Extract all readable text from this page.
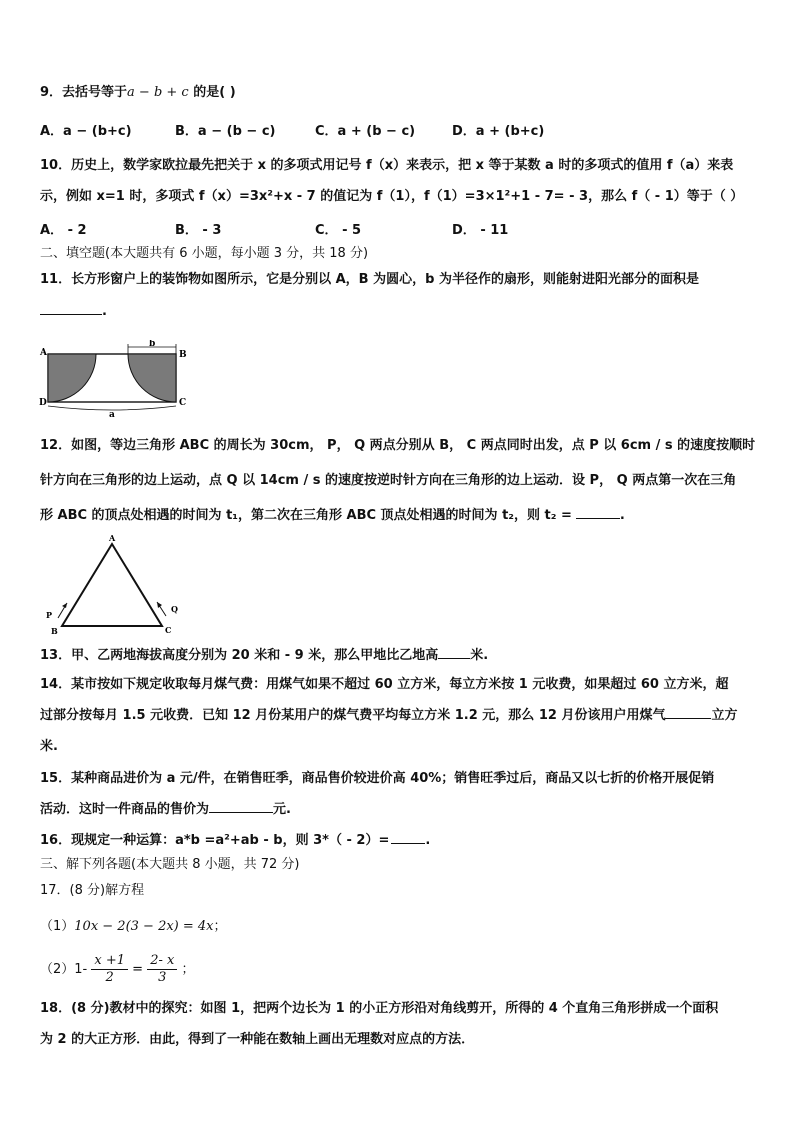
9．去括号等于a − b + c 的是( )
A．a − (b+c)	B．a − (b − c)	C．a + (b − c)	D．a + (b+c)
10．历史上，数学家欧拉最先把关于 x 的多项式用记号 f（x）来表示，把 x 等于某数 a 时的多项式的值用 f（a）来表
示，例如 x=1 时，多项式 f（x）=3x²+x - 7 的值记为 f（1），f（1）=3×1²+1 - 7= - 3，那么 f（ - 1）等于（ ）
A． - 2	B． - 3	C． - 5	D． - 11
二、填空题(本大题共有 6 小题，每小题 3 分，共 18 分)
11．长方形窗户上的装饰物如图所示，它是分别以 A，B 为圆心，b 为半径作的扇形，则能射进阳光部分的面积是
.
A	B
C
D
b
a
12．如图，等边三角形 ABC 的周长为 30cm， P， Q 两点分别从 B， C 两点同时出发，点 P 以 6cm / s 的速度按顺时
针方向在三角形的边上运动，点 Q 以 14cm / s 的速度按逆时针方向在三角形的边上运动．设 P， Q 两点第一次在三角
形 ABC 的顶点处相遇的时间为 t₁，第二次在三角形 ABC 顶点处相遇的时间为 t₂，则 t₂ =	.
A
B	C
P
Q
13．甲、乙两地海拔高度分别为 20 米和 - 9 米，那么甲地比乙地高 米.
14．某市按如下规定收取每月煤气费：用煤气如果不超过 60 立方米，每立方米按 1 元收费，如果超过 60 立方米，超
过部分按每月 1.5 元收费．已知 12 月份某用户的煤气费平均每立方米 1.2 元，那么 12 月份该用户用煤气	立方
米.
15．某种商品进价为 a 元/件，在销售旺季，商品售价较进价高 40%；销售旺季过后，商品又以七折的价格开展促销
活动．这时一件商品的售价为	元.
16．现规定一种运算：a*b =a²+ab - b，则 3*（ - 2）=	.
三、解下列各题(本大题共 8 小题，共 72 分)
17．(8 分)解方程
（1）10x − 2(3 − 2x) = 4x；
$(2)1- \frac{x +1}{2} = \frac{2- x}{3}$ ；
18．(8 分)教材中的探究：如图 1，把两个边长为 1 的小正方形沿对角线剪开，所得的 4 个直角三角形拼成一个面积
为 2 的大正方形．由此，得到了一种能在数轴上画出无理数对应点的方法．
